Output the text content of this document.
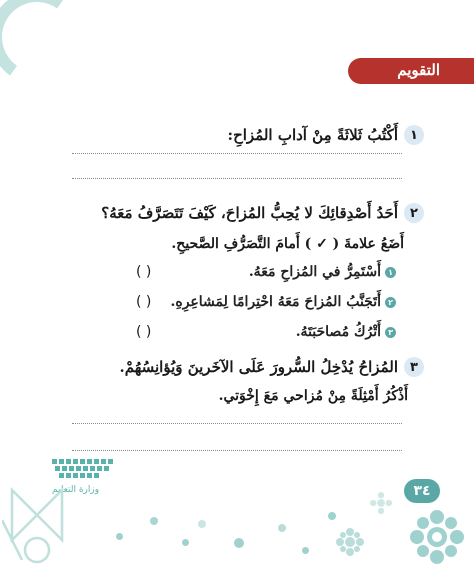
التقويم
١
أَكْتُبُ ثَلاثَةً مِنْ آدابِ المُزاحِ:
٢
أَحَدُ أَصْدِقائِكَ لا يُحِبُّ المُزاحَ، كَيْفَ تَتَصَرَّفُ مَعَهُ؟
أَضَعُ علامةَ ( ✓ ) أَمامَ التَّصَرُّفِ الصَّحيحِ.
١
أَسْتَمِرُّ في المُزاحِ مَعَهُ.
( )
٢
أَتَجَنَّبُ المُزاحَ مَعَهُ احْتِرامًا لِمَشاعِرِهِ.
( )
٣
أَتْرُكُ مُصاحَبَتَهُ.
( )
٣
المُزاحُ يُدْخِلُ السُّرورَ عَلَى الآخَرينَ وَيُؤانِسُهُمْ.
أَذْكُرُ أَمْثِلَةً مِنْ مُزاحي مَعَ إِخْوَتي.
وزارة التعليم	٣٤
